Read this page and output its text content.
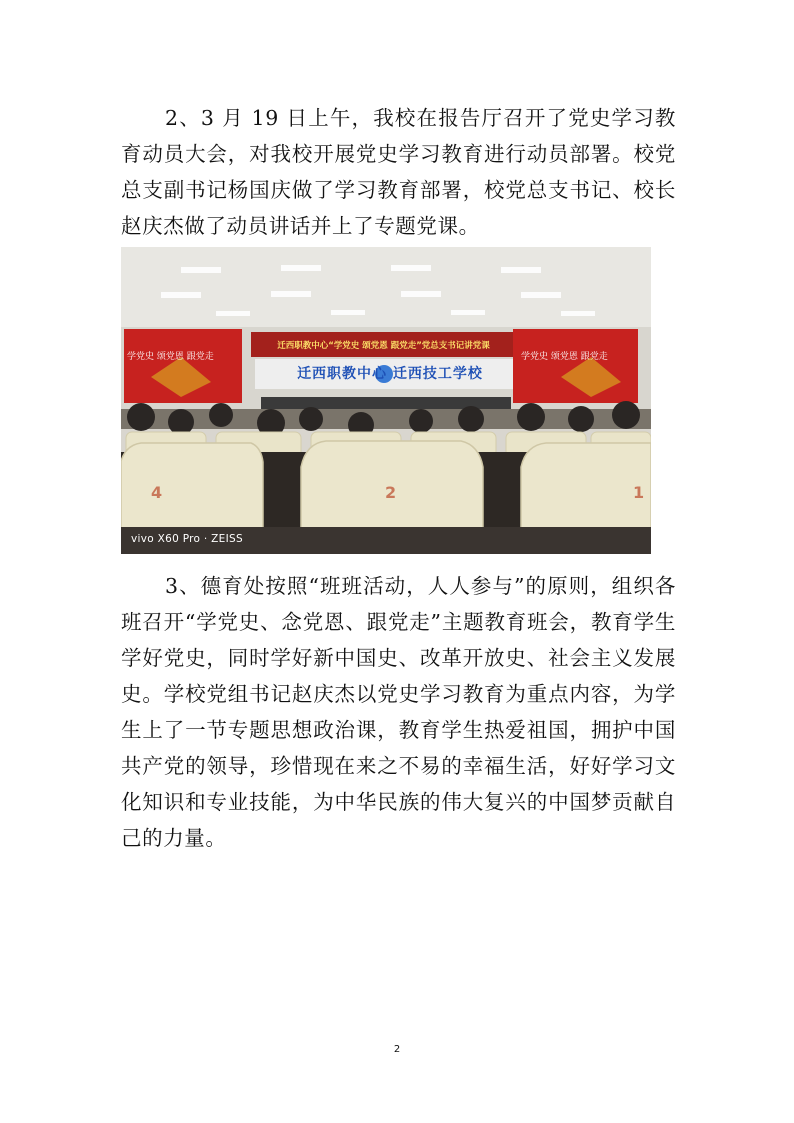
2、3 月 19 日上午，我校在报告厅召开了党史学习教育动员大会，对我校开展党史学习教育进行动员部署。校党总支副书记杨国庆做了学习教育部署，校党总支书记、校长赵庆杰做了动员讲话并上了专题党课。

迁西职教中心“学党史 颂党恩 跟党走”党总支书记讲党课
迁西职教中心 迁西技工学校
学党史 颂党恩 跟党走	学党史 颂党恩 跟党走
4	2	1
vivo X60 Pro · ZEISS

3、德育处按照“班班活动，人人参与”的原则，组织各班召开“学党史、念党恩、跟党走”主题教育班会，教育学生学好党史，同时学好新中国史、改革开放史、社会主义发展史。学校党组书记赵庆杰以党史学习教育为重点内容，为学生上了一节专题思想政治课，教育学生热爱祖国，拥护中国共产党的领导，珍惜现在来之不易的幸福生活，好好学习文化知识和专业技能，为中华民族的伟大复兴的中国梦贡献自己的力量。

2
